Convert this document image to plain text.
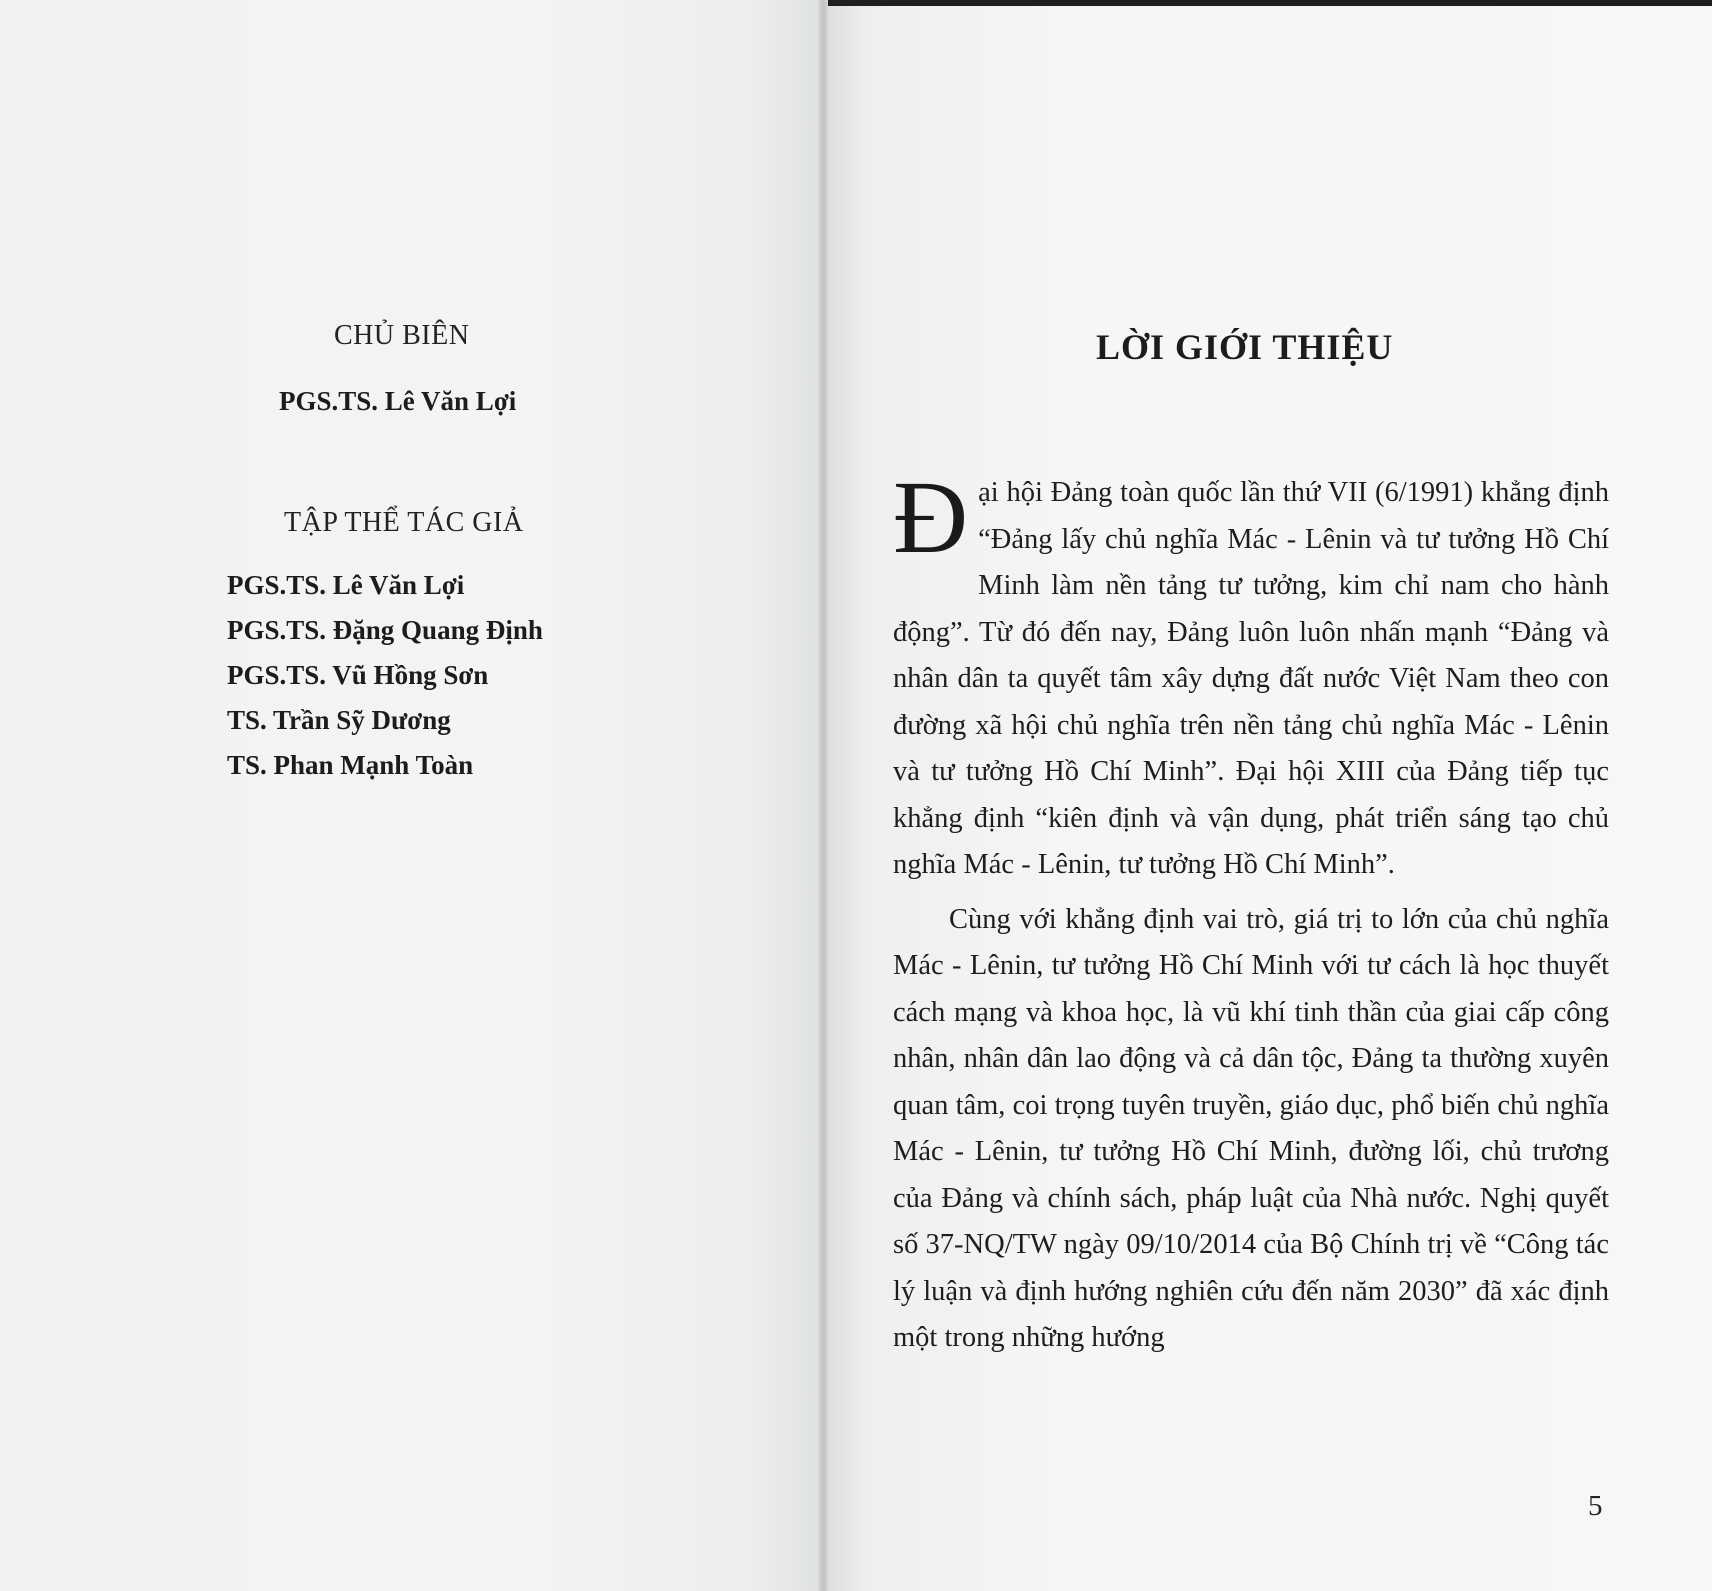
CHỦ BIÊN
PGS.TS. Lê Văn Lợi
TẬP THỂ TÁC GIẢ
PGS.TS. Lê Văn Lợi
PGS.TS. Đặng Quang Định
PGS.TS. Vũ Hồng Sơn
TS. Trần Sỹ Dương
TS. Phan Mạnh Toàn
LỜI GIỚI THIỆU

Đại hội Đảng toàn quốc lần thứ VII (6/1991) khẳng định “Đảng lấy chủ nghĩa Mác - Lênin và tư tưởng Hồ Chí Minh làm nền tảng tư tưởng, kim chỉ nam cho hành động”. Từ đó đến nay, Đảng luôn luôn nhấn mạnh “Đảng và nhân dân ta quyết tâm xây dựng đất nước Việt Nam theo con đường xã hội chủ nghĩa trên nền tảng chủ nghĩa Mác - Lênin và tư tưởng Hồ Chí Minh”. Đại hội XIII của Đảng tiếp tục khẳng định “kiên định và vận dụng, phát triển sáng tạo chủ nghĩa Mác - Lênin, tư tưởng Hồ Chí Minh”.

Cùng với khẳng định vai trò, giá trị to lớn của chủ nghĩa Mác - Lênin, tư tưởng Hồ Chí Minh với tư cách là học thuyết cách mạng và khoa học, là vũ khí tinh thần của giai cấp công nhân, nhân dân lao động và cả dân tộc, Đảng ta thường xuyên quan tâm, coi trọng tuyên truyền, giáo dục, phổ biến chủ nghĩa Mác - Lênin, tư tưởng Hồ Chí Minh, đường lối, chủ trương của Đảng và chính sách, pháp luật của Nhà nước. Nghị quyết số 37-NQ/TW ngày 09/10/2014 của Bộ Chính trị về “Công tác lý luận và định hướng nghiên cứu đến năm 2030” đã xác định một trong những hướng

5
